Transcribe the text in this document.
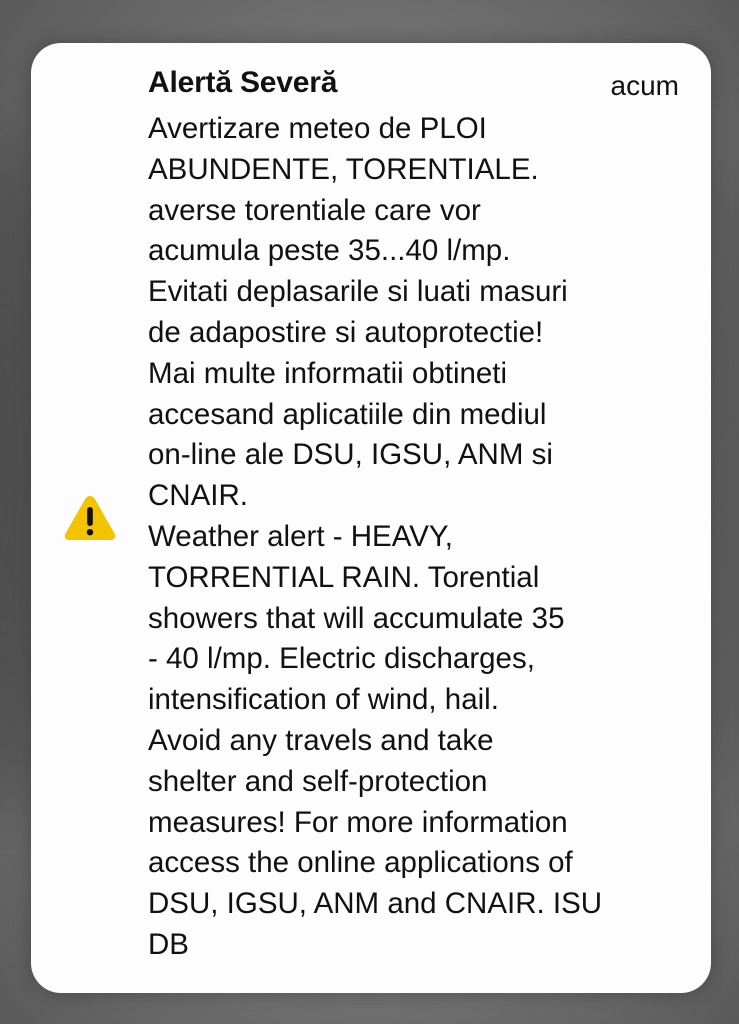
Alertă Severă	acum
Avertizare meteo de PLOI
ABUNDENTE, TORENTIALE.
averse torentiale care vor
acumula peste 35...40 l/mp.
Evitati deplasarile si luati masuri
de adapostire si autoprotectie!
Mai multe informatii obtineti
accesand aplicatiile din mediul
on-line ale DSU, IGSU, ANM si
CNAIR.
Weather alert - HEAVY,
TORRENTIAL RAIN. Torential
showers that will accumulate 35
- 40 l/mp. Electric discharges,
intensification of wind, hail.
Avoid any travels and take
shelter and self-protection
measures! For more information
access the online applications of
DSU, IGSU, ANM and CNAIR. ISU
DB
